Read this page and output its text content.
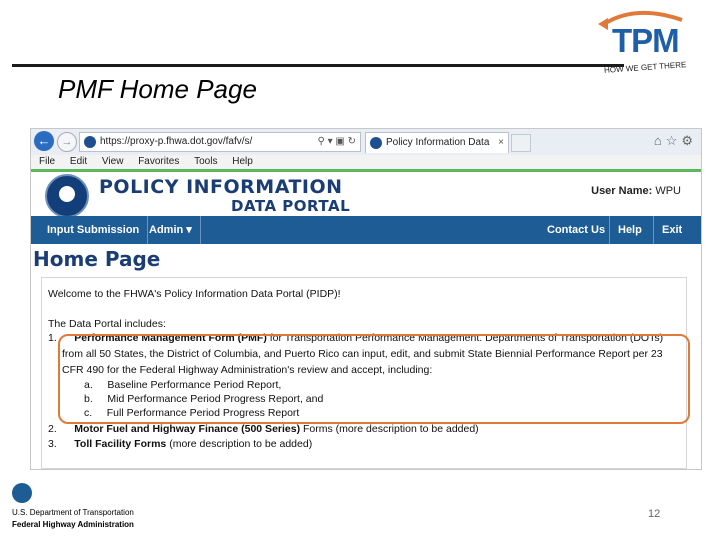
PMF Home Page
TPM
HOW WE GET THERE
←	→	https://proxy-p.fhwa.dot.gov/fafv/s/	⚲ ▾ ▣ ↻	Policy Information Data ×	⌂☆⚙
File Edit View Favorites Tools Help
POLICY INFORMATION
DATA PORTAL
User Name: WPU
Input Submission Admin ▾	Contact Us	Help	Exit
Home Page

Welcome to the FHWA's Policy Information Data Portal (PIDP)!

The Data Portal includes:

1. Performance Management Form (PMF) for Transportation Performance Management. Departments of Transportation (DOTs)

from all 50 States, the District of Columbia, and Puerto Rico can input, edit, and submit State Biennial Performance Report per 23

CFR 490 for the Federal Highway Administration's review and accept, including:

a. Baseline Performance Period Report,

b. Mid Performance Period Progress Report, and

c. Full Performance Period Progress Report

2. Motor Fuel and Highway Finance (500 Series) Forms (more description to be added)

3. Toll Facility Forms (more description to be added)

U.S. Department of Transportation
Federal Highway Administration
12
